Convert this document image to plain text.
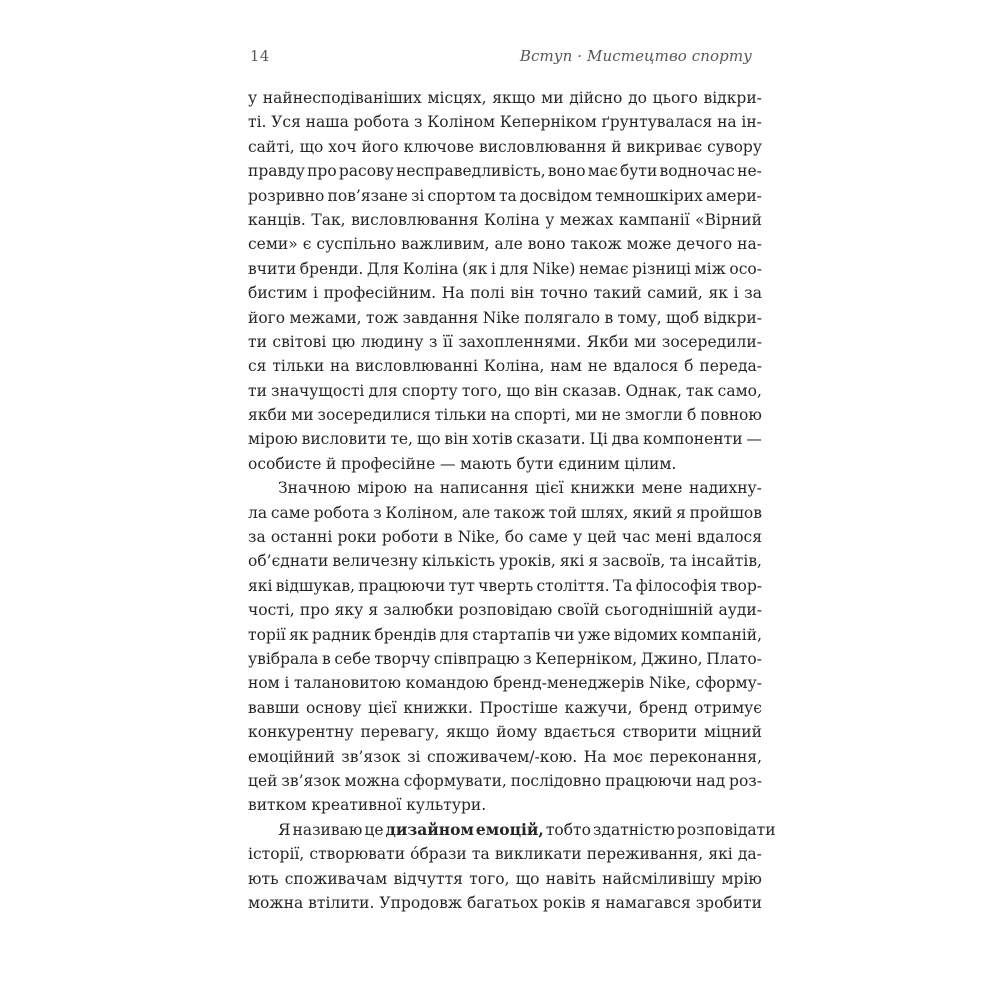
14	Вступ · Мистецтво спорту
у найнесподіваніших місцях, якщо ми дійсно до цього відкри-
ті. Уся наша робота з Коліном Кеперніком ґрунтувалася на ін-
сайті, що хоч його ключове висловлювання й викриває сувору
правду про расову несправедливість, воно має бути водночас не-
розривно пов’язане зі спортом та досвідом темношкірих амери-
канців. Так, висловлювання Коліна у межах кампанії «Вірний
семи» є суспільно важливим, але воно також може дечого на-
вчити бренди. Для Коліна (як і для Nike) немає різниці між осо-
бистим і професійним. На полі він точно такий самий, як і за
його межами, тож завдання Nike полягало в тому, щоб відкри-
ти світові цю людину з її захопленнями. Якби ми зосередили-
ся тільки на висловлюванні Коліна, нам не вдалося б переда-
ти значущості для спорту того, що він сказав. Однак, так само,
якби ми зосередилися тільки на спорті, ми не змогли б повною
мірою висловити те, що він хотів сказати. Ці два компоненти —
особисте й професійне — мають бути єдиним цілим.
Значною мірою на написання цієї книжки мене надихну-
ла саме робота з Коліном, але також той шлях, який я пройшов
за останні роки роботи в Nike, бо саме у цей час мені вдалося
об’єднати величезну кількість уроків, які я засвоїв, та інсайтів,
які відшукав, працюючи тут чверть століття. Та філософія твор-
чості, про яку я залюбки розповідаю своїй сьогоднішній ауди-
торії як радник брендів для стартапів чи уже відомих компаній,
увібрала в себе творчу співпрацю з Кеперніком, Джино, Плато-
ном і талановитою командою бренд-менеджерів Nike, сформу-
вавши основу цієї книжки. Простіше кажучи, бренд отримує
конкурентну перевагу, якщо йому вдається створити міцний
емоційний зв’язок зі споживачем/-кою. На моє переконання,
цей зв’язок можна сформувати, послідовно працюючи над роз-
витком креативної культури.
Я називаю це дизайном емоцій, тобто здатністю розповідати
історії, створювати о́брази та викликати переживання, які да-
ють споживачам відчуття того, що навіть найсміливішу мрію
можна втілити. Упродовж багатьох років я намагався зробити
